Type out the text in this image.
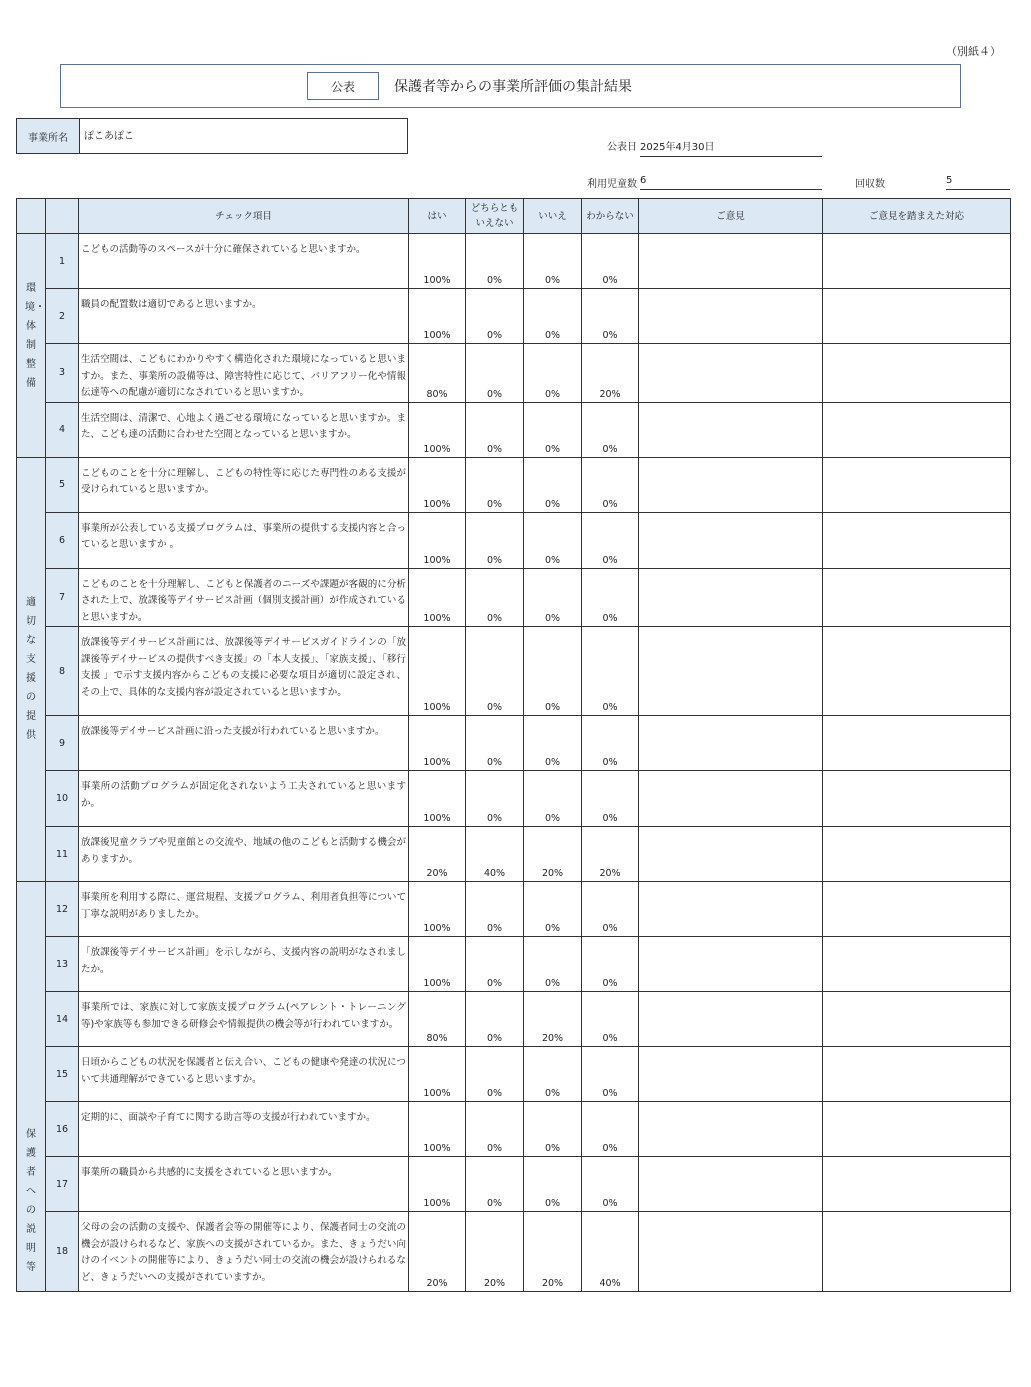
（別紙４）
公表	保護者等からの事業所評価の集計結果
事業所名	ぽこあぽこ
公表日 2025年4月30日
利用児童数 6	回収数	5
		チェック項目	はい	どちらとも
いえない	いいえ	わからない	ご意見	ご意見を踏まえた対応
環境・体制整備	1	こどもの活動等のスペースが十分に確保されていると思いますか。	100%	0%	0%	0%		
	2	職員の配置数は適切であると思いますか。	100%	0%	0%	0%		
	3	生活空間は、こどもにわかりやすく構造化された環境になっていると思いますか。また、事業所の設備等は、障害特性に応じて、バリアフリー化や情報伝達等への配慮が適切になされていると思いますか。	80%	0%	0%	20%		
	4	生活空間は、清潔で、心地よく過ごせる環境になっていると思いますか。また、こども達の活動に合わせた空間となっていると思いますか。	100%	0%	0%	0%		
適切な支援の提供	5	こどものことを十分に理解し、こどもの特性等に応じた専門性のある支援が受けられていると思いますか。	100%	0%	0%	0%		
	6	事業所が公表している支援プログラムは、事業所の提供する支援内容と合っていると思いますか 。	100%	0%	0%	0%		
	7	こどものことを十分理解し、こどもと保護者のニーズや課題が客観的に分析された上で、放課後等デイサービス計画（個別支援計画）が作成されていると思いますか。	100%	0%	0%	0%		
	8	放課後等デイサービス計画には、放課後等デイサービスガイドラインの「放課後等デイサービスの提供すべき支援」の「本人支援」、「家族支援」、「移行支援 」で示す支援内容からこどもの支援に必要な項目が適切に設定され、その上で、具体的な支援内容が設定されていると思いますか。	100%	0%	0%	0%		
	9	放課後等デイサービス計画に沿った支援が行われていると思いますか。	100%	0%	0%	0%		
	10	事業所の活動プログラムが固定化されないよう工夫されていると思いますか。	100%	0%	0%	0%		
	11	放課後児童クラブや児童館との交流や、地域の他のこどもと活動する機会がありますか。	20%	40%	20%	20%		
保護者への説明等	12	事業所を利用する際に、運営規程、支援プログラム、利用者負担等について丁寧な説明がありましたか。	100%	0%	0%	0%		
	13	「放課後等デイサービス計画」を示しながら、支援内容の説明がなされましたか。	100%	0%	0%	0%		
	14	事業所では、家族に対して家族支援プログラム(ペアレント・トレーニング等)や家族等も参加できる研修会や情報提供の機会等が行われていますか。	80%	0%	20%	0%		
	15	日頃からこどもの状況を保護者と伝え合い、こどもの健康や発達の状況について共通理解ができていると思いますか。	100%	0%	0%	0%		
	16	定期的に、面談や子育てに関する助言等の支援が行われていますか。	100%	0%	0%	0%		
	17	事業所の職員から共感的に支援をされていると思いますか。	100%	0%	0%	0%		
	18	父母の会の活動の支援や、保護者会等の開催等により、保護者同士の交流の機会が設けられるなど、家族への支援がされているか。また、きょうだい向けのイベントの開催等により、きょうだい同士の交流の機会が設けられるなど、きょうだいへの支援がされていますか。	20%	20%	20%	40%		
